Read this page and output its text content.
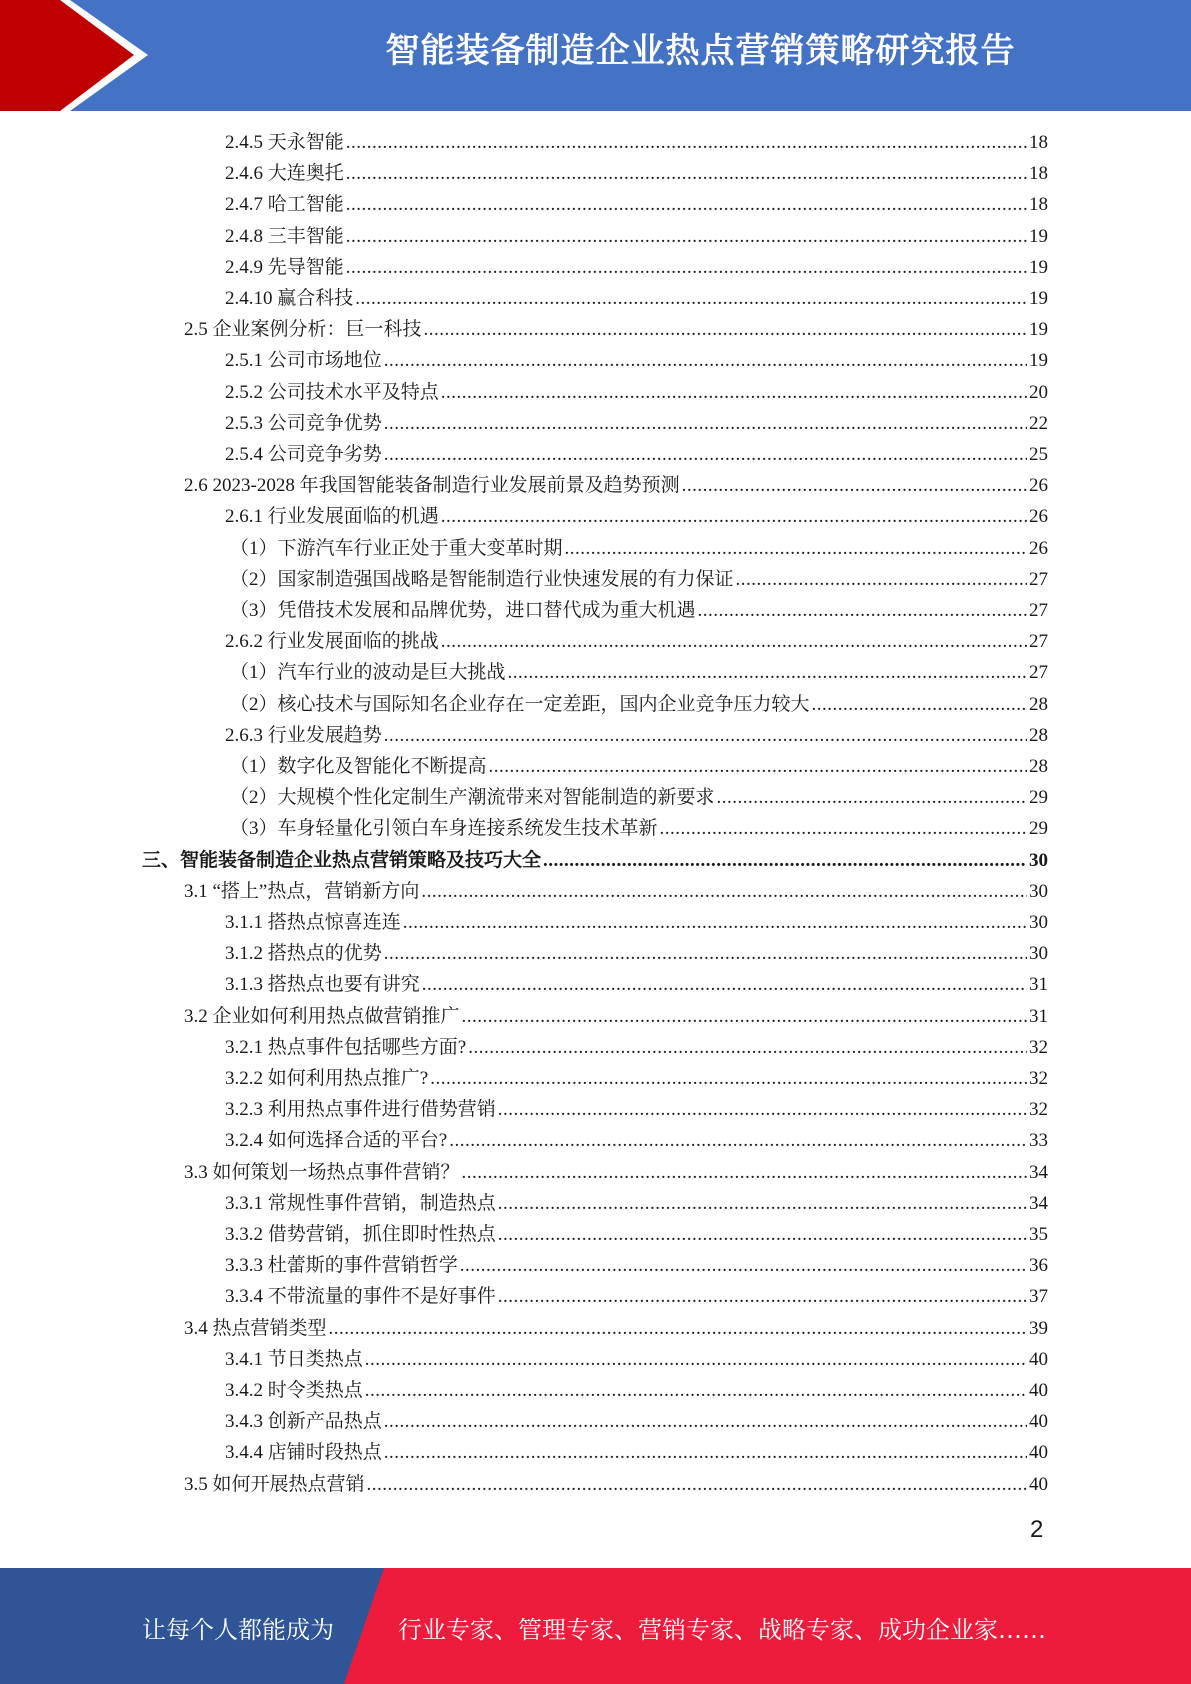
智能装备制造企业热点营销策略研究报告
2.4.5 天永智能 .....	18
2.4.6 大连奥托 .....	18
2.4.7 哈工智能 .....	18
2.4.8 三丰智能 .....	19
2.4.9 先导智能 .....	19
2.4.10 赢合科技 .....	19
2.5 企业案例分析：巨一科技 .....	19
2.5.1 公司市场地位 .....	19
2.5.2 公司技术水平及特点 .....	20
2.5.3 公司竞争优势 .....	22
2.5.4 公司竞争劣势 .....	25
2.6 2023-2028 年我国智能装备制造行业发展前景及趋势预测 .....	26
2.6.1 行业发展面临的机遇 .....	26
（1）下游汽车行业正处于重大变革时期 .....	26
（2）国家制造强国战略是智能制造行业快速发展的有力保证 .....	27
（3）凭借技术发展和品牌优势，进口替代成为重大机遇 .....	27
2.6.2 行业发展面临的挑战 .....	27
（1）汽车行业的波动是巨大挑战 .....	27
（2）核心技术与国际知名企业存在一定差距，国内企业竞争压力较大 .....	28
2.6.3 行业发展趋势 .....	28
（1）数字化及智能化不断提高 .....	28
（2）大规模个性化定制生产潮流带来对智能制造的新要求 .....	29
（3）车身轻量化引领白车身连接系统发生技术革新 .....	29
三、智能装备制造企业热点营销策略及技巧大全 .....	30
3.1 “搭上”热点，营销新方向 .....	30
3.1.1 搭热点惊喜连连 .....	30
3.1.2 搭热点的优势 .....	30
3.1.3 搭热点也要有讲究 .....	31
3.2 企业如何利用热点做营销推广 .....	31
3.2.1 热点事件包括哪些方面? .....	32
3.2.2 如何利用热点推广? .....	32
3.2.3 利用热点事件进行借势营销 .....	32
3.2.4 如何选择合适的平台? .....	33
3.3 如何策划一场热点事件营销？ .....	34
3.3.1 常规性事件营销，制造热点 .....	34
3.3.2 借势营销，抓住即时性热点 .....	35
3.3.3 杜蕾斯的事件营销哲学 .....	36
3.3.4 不带流量的事件不是好事件 .....	37
3.4 热点营销类型 .....	39
3.4.1 节日类热点 .....	40
3.4.2 时令类热点 .....	40
3.4.3 创新产品热点 .....	40
3.4.4 店铺时段热点 .....	40
3.5 如何开展热点营销 .....	40
2
让每个人都能成为	行业专家、管理专家、营销专家、战略专家、成功企业家……
